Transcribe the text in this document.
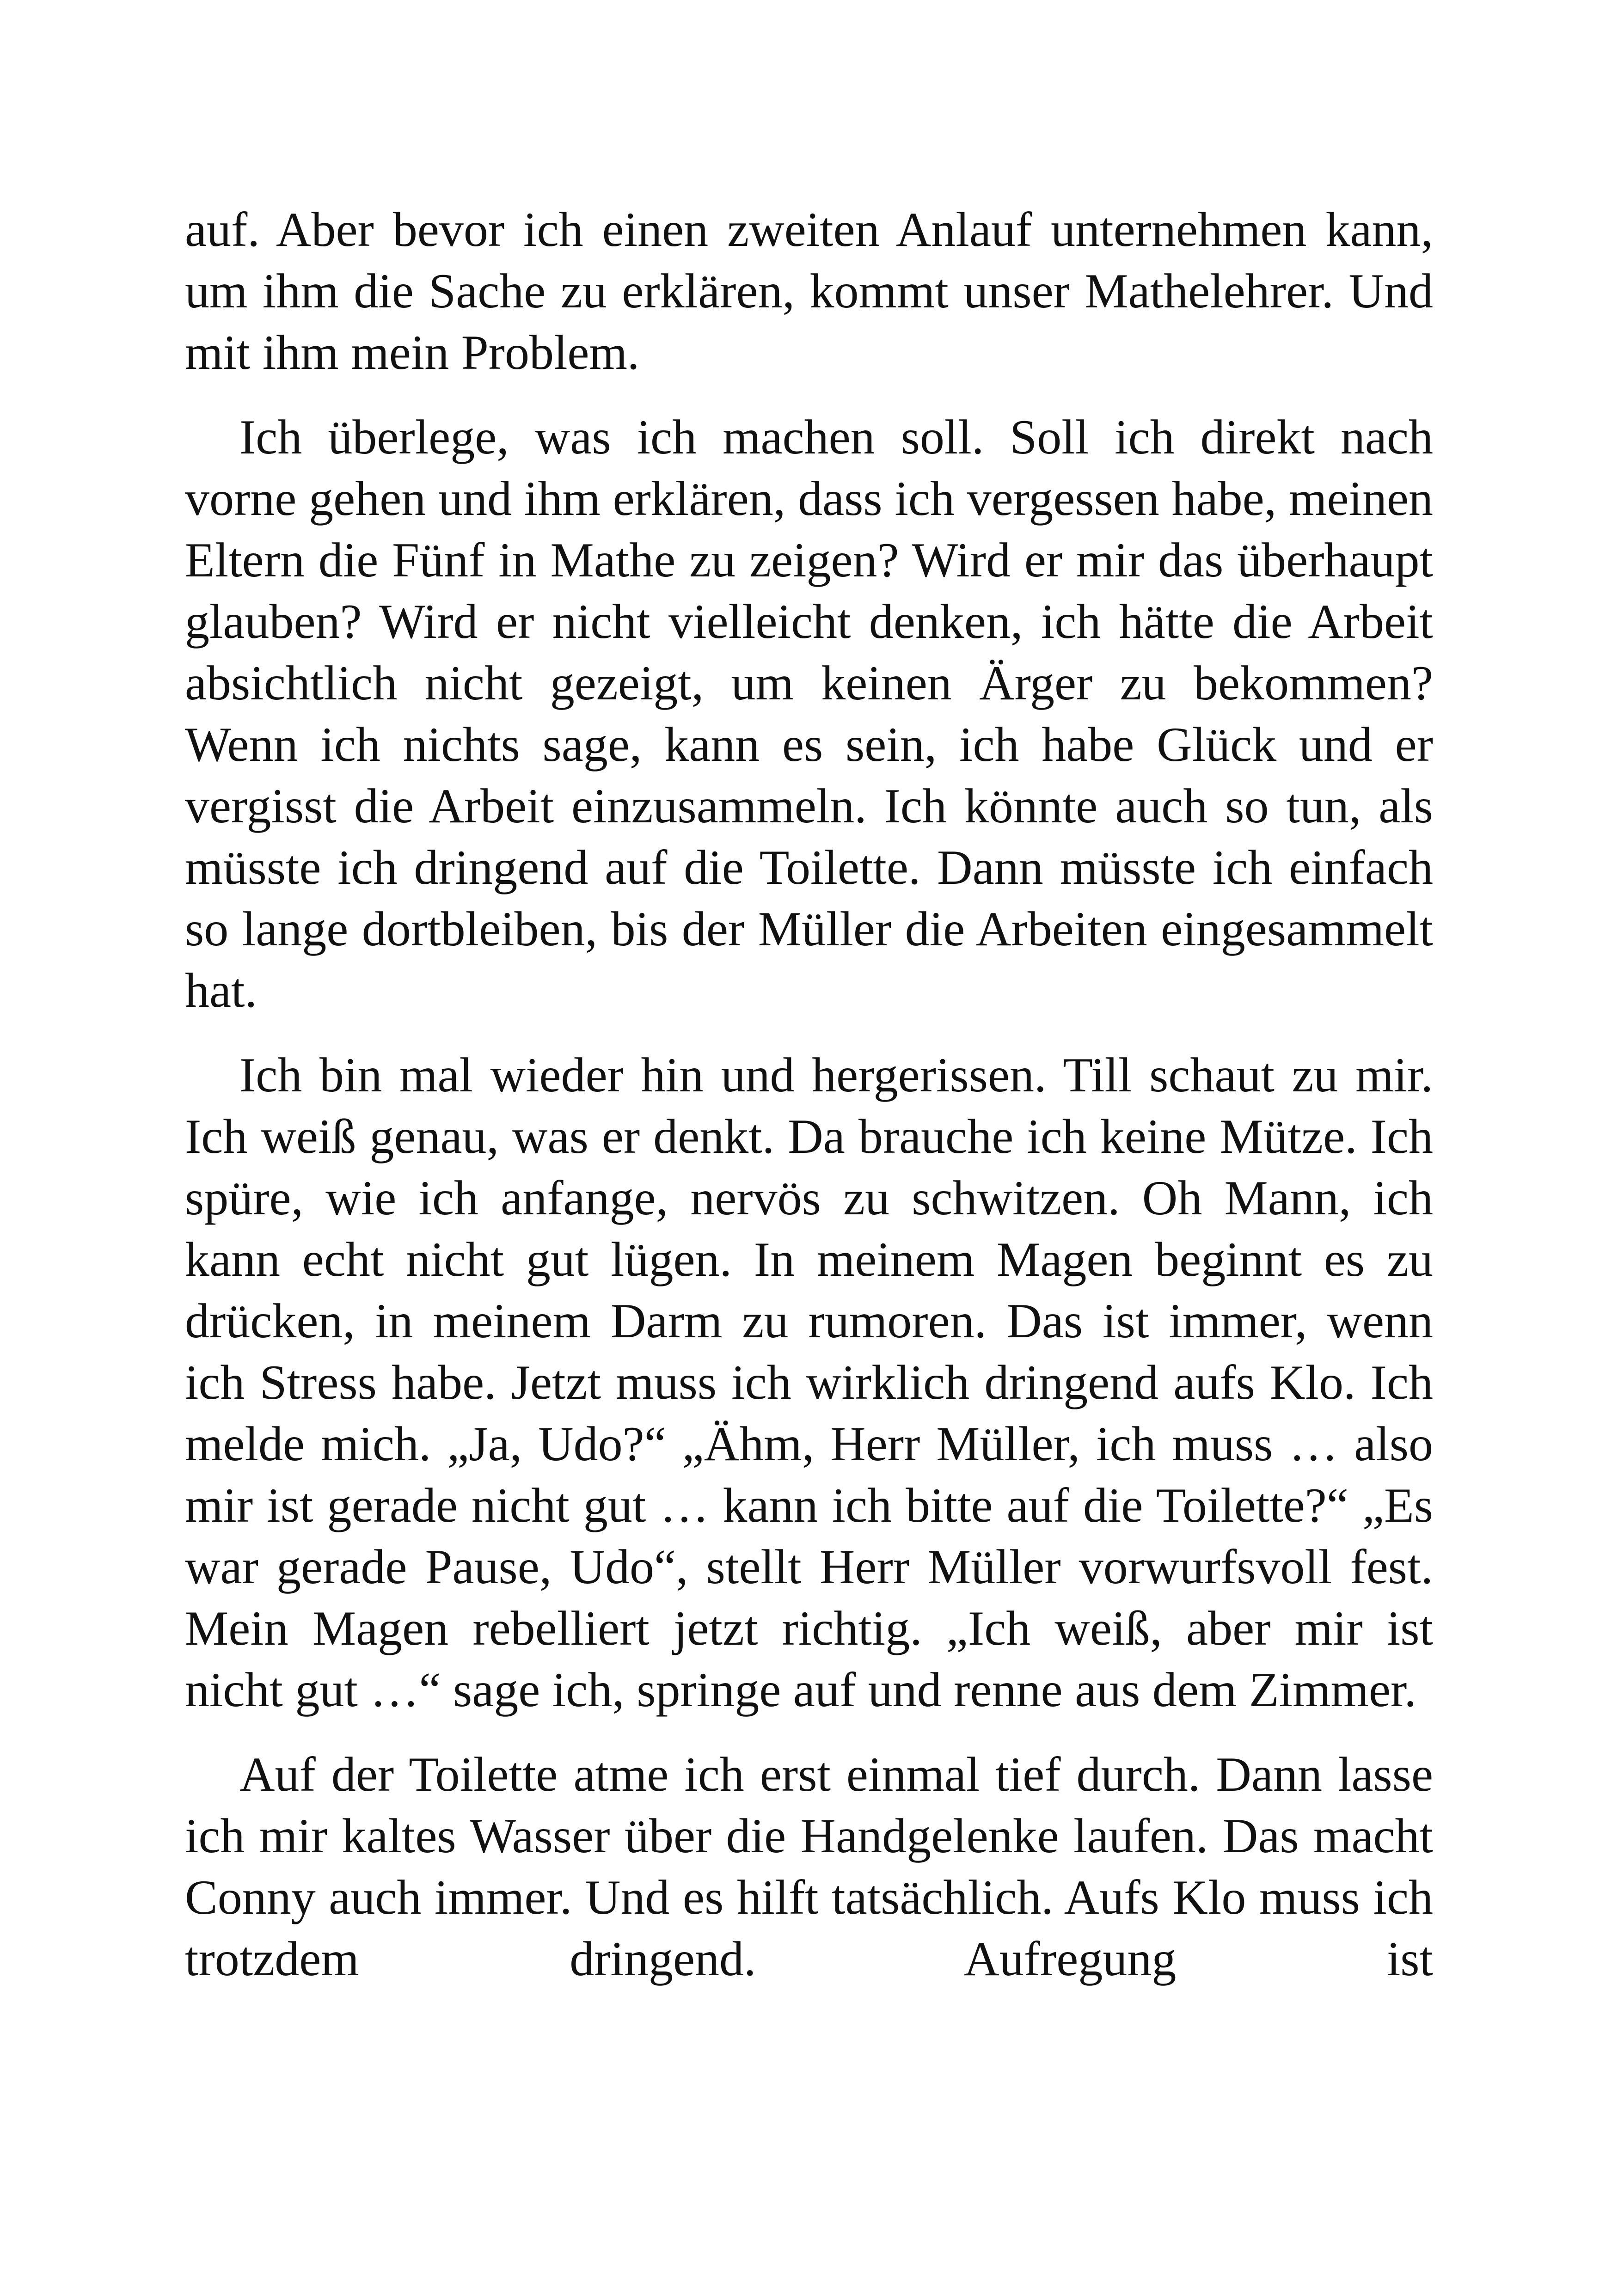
auf. Aber bevor ich einen zweiten Anlauf unternehmen kann, um ihm die Sache zu erklären, kommt unser Mathelehrer. Und mit ihm mein Problem.

Ich überlege, was ich machen soll. Soll ich direkt nach vorne gehen und ihm erklären, dass ich vergessen habe, meinen Eltern die Fünf in Mathe zu zeigen? Wird er mir das überhaupt glauben? Wird er nicht vielleicht denken, ich hätte die Arbeit absichtlich nicht gezeigt, um keinen Ärger zu bekommen? Wenn ich nichts sage, kann es sein, ich habe Glück und er vergisst die Arbeit einzusammeln. Ich könnte auch so tun, als müsste ich dringend auf die Toilette. Dann müsste ich einfach so lange dortbleiben, bis der Müller die Arbeiten eingesammelt hat.

Ich bin mal wieder hin und hergerissen. Till schaut zu mir. Ich weiß genau, was er denkt. Da brauche ich keine Mütze. Ich spüre, wie ich anfange, nervös zu schwitzen. Oh Mann, ich kann echt nicht gut lügen. In meinem Magen beginnt es zu drücken, in meinem Darm zu rumoren. Das ist immer, wenn ich Stress habe. Jetzt muss ich wirklich dringend aufs Klo. Ich melde mich. „Ja, Udo?“ „Ähm, Herr Müller, ich muss … also mir ist gerade nicht gut … kann ich bitte auf die Toilette?“ „Es war gerade Pause, Udo“, stellt Herr Müller vorwurfsvoll fest. Mein Magen rebelliert jetzt richtig. „Ich weiß, aber mir ist nicht gut …“ sage ich, springe auf und renne aus dem Zimmer.

Auf der Toilette atme ich erst einmal tief durch. Dann lasse ich mir kaltes Wasser über die Handgelenke laufen. Das macht Conny auch immer. Und es hilft tatsächlich. Aufs Klo muss ich trotzdem dringend. Aufregung ist
